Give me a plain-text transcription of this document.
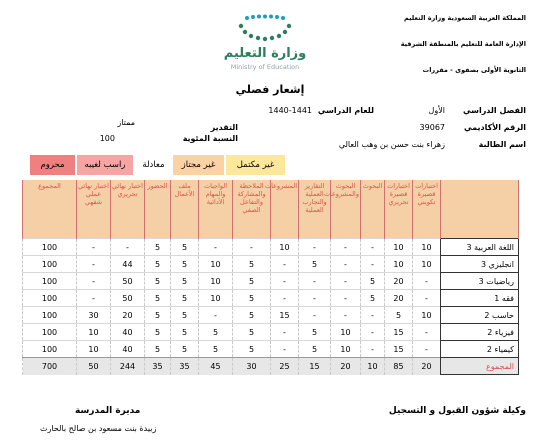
المملكة العربية السعودية وزارة التعليم
الإدارة العامة للتعليم بالمنطقة الشرقية
الثانوية الأولى بصفوى - مقررات
وزارة التعليم
Ministry of Education
إشعار فصلي
الفصل الدراسي
الأول
للعام الدراسي
1440-1441
الرقم الأكاديمي
39067
التقدير
ممتاز
اسم الطالبة
زهراء بنت حسن بن وهب العالي
النسبة المئوية
100
غير مكتمل
غير مجتاز
معادلة
راسب لغيبه
محروم
	اختبارات قصيرة تكويني	اختبارات قصيرة تحريري	البحوث	البحوث والمشروعات	التقارير العملية والتجارب العملية	المشروعات	الملاحظة والمشاركة والتفاعل الصفي	الواجبات والمهام الأدائية	ملف الأعمال	الحضور	اختبار نهائي تحريري	اختبار نهائي عملي شفهي	المجموع
اللغة العربية 3	10	10	-	-	-	10	-	-	5	5	-	-	100
انجليزي 3	10	10	-	-	5	-	5	10	5	5	44	-	100
رياضيات 3	-	20	5	-	-	-	5	10	5	5	50	-	100
فقه 1	-	20	5	-	-	-	5	10	5	5	50	-	100
حاسب 2	10	5	-	-	-	15	5	-	5	5	20	30	100
فيزياء 2	-	15	-	10	5	-	5	5	5	5	40	10	100
كيمياء 2	-	15	-	10	5	-	5	5	5	5	40	10	100
المجموع	20	85	10	20	15	25	30	45	35	35	244	50	700
وكيلة شؤون القبول و التسجيل
مديرة المدرسة
زبيدة بنت مسعود بن صالح بالحارث
